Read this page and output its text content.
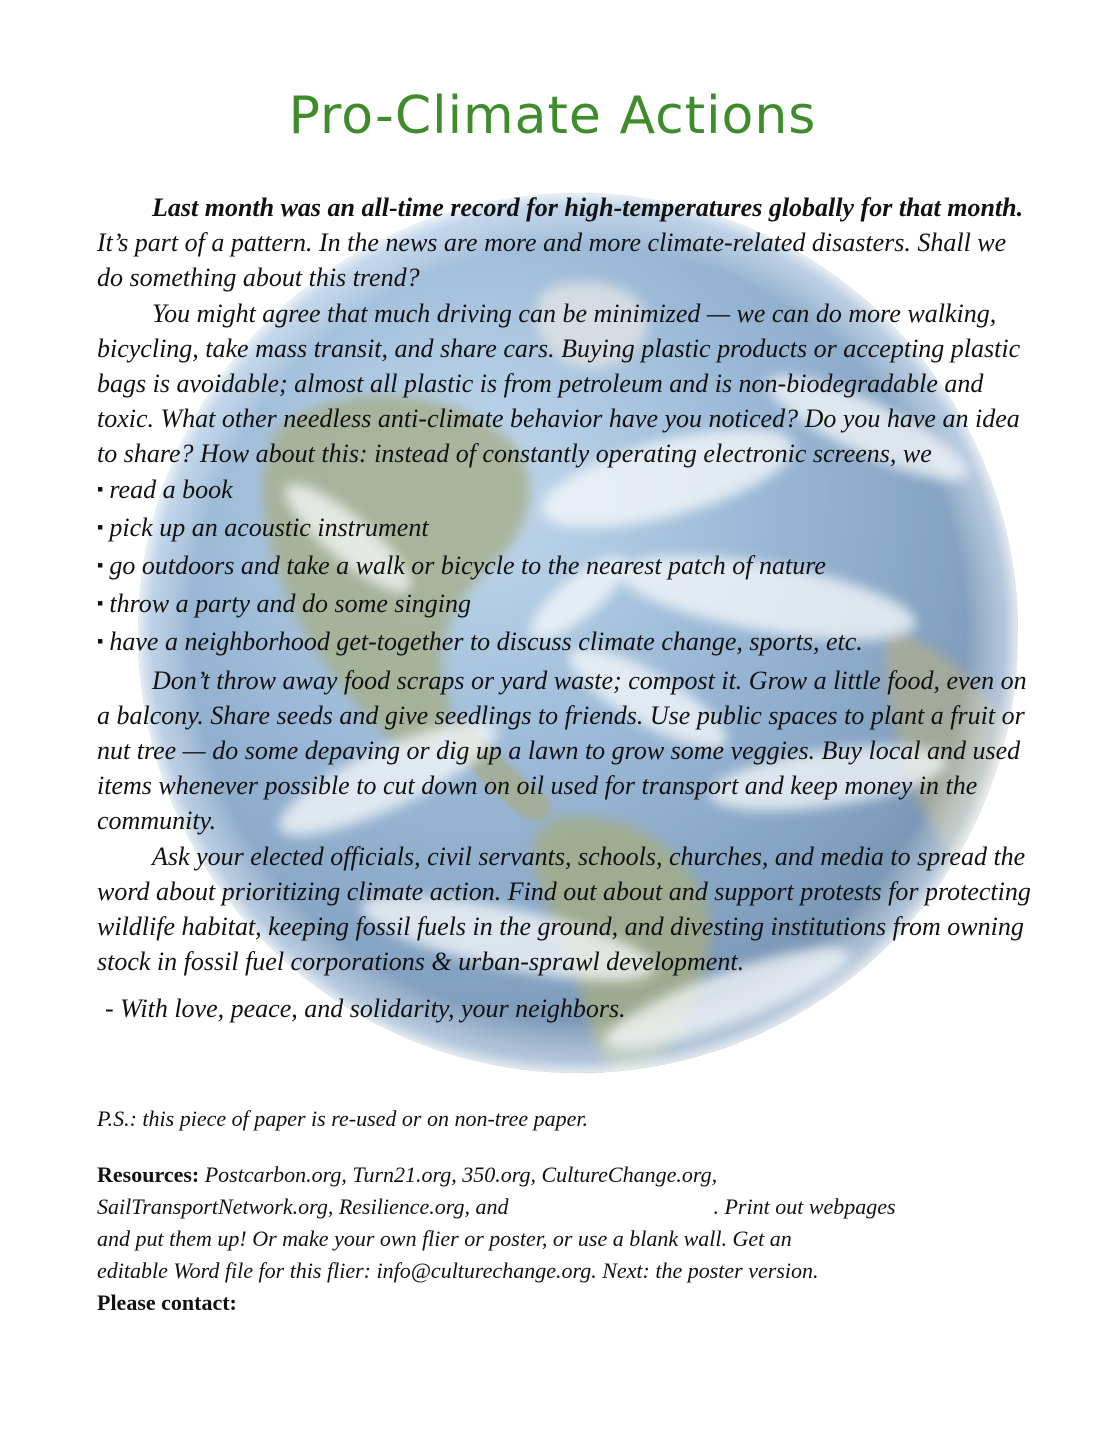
Pro-Climate Actions

Last month was an all-time record for high-temperatures globally for that month. It’s part of a pattern. In the news are more and more climate-related disasters. Shall we do something about this trend?

You might agree that much driving can be minimized — we can do more walking, bicycling, take mass transit, and share cars. Buying plastic products or accepting plastic bags is avoidable; almost all plastic is from petroleum and is non-biodegradable and toxic. What other needless anti-climate behavior have you noticed? Do you have an idea to share? How about this: instead of constantly operating electronic screens, we

▪ read a book
▪ pick up an acoustic instrument
▪ go outdoors and take a walk or bicycle to the nearest patch of nature
▪ throw a party and do some singing
▪ have a neighborhood get-together to discuss climate change, sports, etc.

Don’t throw away food scraps or yard waste; compost it. Grow a little food, even on a balcony. Share seeds and give seedlings to friends. Use public spaces to plant a fruit or nut tree — do some depaving or dig up a lawn to grow some veggies. Buy local and used items whenever possible to cut down on oil used for transport and keep money in the community.

Ask your elected officials, civil servants, schools, churches, and media to spread the word about prioritizing climate action. Find out about and support protests for protecting wildlife habitat, keeping fossil fuels in the ground, and divesting institutions from owning stock in fossil fuel corporations & urban-sprawl development.

- With love, peace, and solidarity, your neighbors.

P.S.: this piece of paper is re-used or on non-tree paper.

Resources: Postcarbon.org, Turn21.org, 350.org, CultureChange.org,
SailTransportNetwork.org, Resilience.org, and	. Print out webpages
and put them up! Or make your own flier or poster, or use a blank wall. Get an
editable Word file for this flier: info@culturechange.org. Next: the poster version.

Please contact:
